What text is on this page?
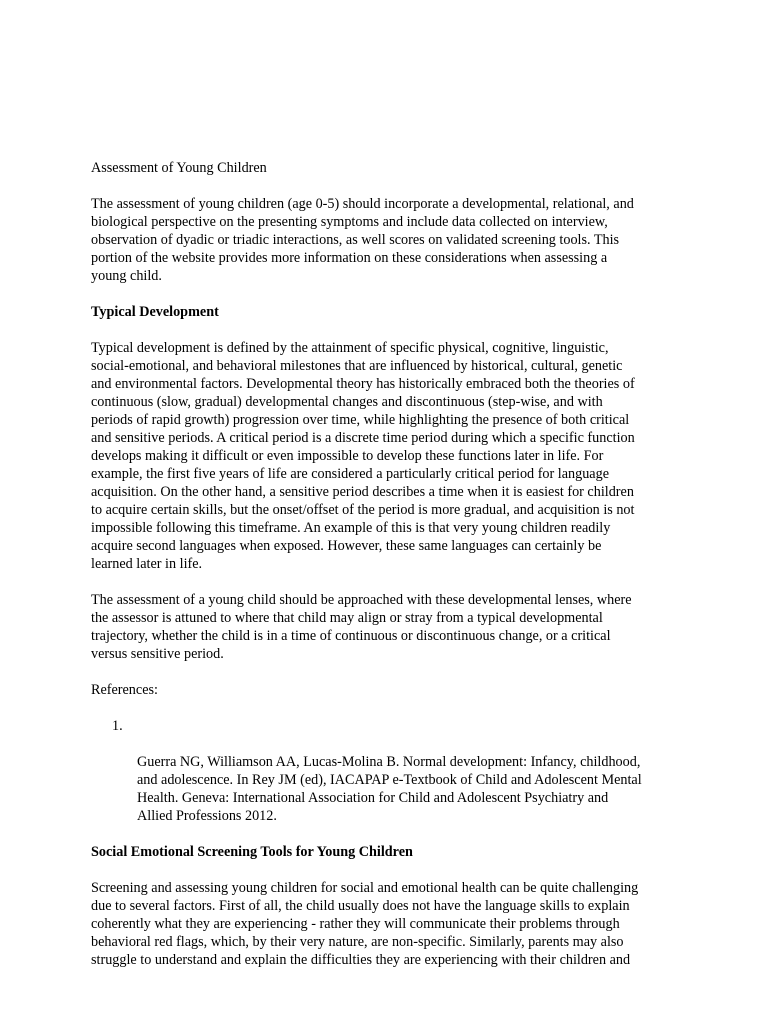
Assessment of Young Children

The assessment of young children (age 0-5) should incorporate a developmental, relational, and
biological perspective on the presenting symptoms and include data collected on interview,
observation of dyadic or triadic interactions, as well scores on validated screening tools. This
portion of the website provides more information on these considerations when assessing a
young child.

Typical Development

Typical development is defined by the attainment of specific physical, cognitive, linguistic,
social-emotional, and behavioral milestones that are influenced by historical, cultural, genetic
and environmental factors. Developmental theory has historically embraced both the theories of
continuous (slow, gradual) developmental changes and discontinuous (step-wise, and with
periods of rapid growth) progression over time, while highlighting the presence of both critical
and sensitive periods. A critical period is a discrete time period during which a specific function
develops making it difficult or even impossible to develop these functions later in life. For
example, the first five years of life are considered a particularly critical period for language
acquisition. On the other hand, a sensitive period describes a time when it is easiest for children
to acquire certain skills, but the onset/offset of the period is more gradual, and acquisition is not
impossible following this timeframe. An example of this is that very young children readily
acquire second languages when exposed. However, these same languages can certainly be
learned later in life.

The assessment of a young child should be approached with these developmental lenses, where
the assessor is attuned to where that child may align or stray from a typical developmental
trajectory, whether the child is in a time of continuous or discontinuous change, or a critical
versus sensitive period.

References:

1.

Guerra NG, Williamson AA, Lucas-Molina B. Normal development: Infancy, childhood,
and adolescence. In Rey JM (ed), IACAPAP e-Textbook of Child and Adolescent Mental
Health. Geneva: International Association for Child and Adolescent Psychiatry and
Allied Professions 2012.

Social Emotional Screening Tools for Young Children

Screening and assessing young children for social and emotional health can be quite challenging
due to several factors. First of all, the child usually does not have the language skills to explain
coherently what they are experiencing - rather they will communicate their problems through
behavioral red flags, which, by their very nature, are non-specific. Similarly, parents may also
struggle to understand and explain the difficulties they are experiencing with their children and
